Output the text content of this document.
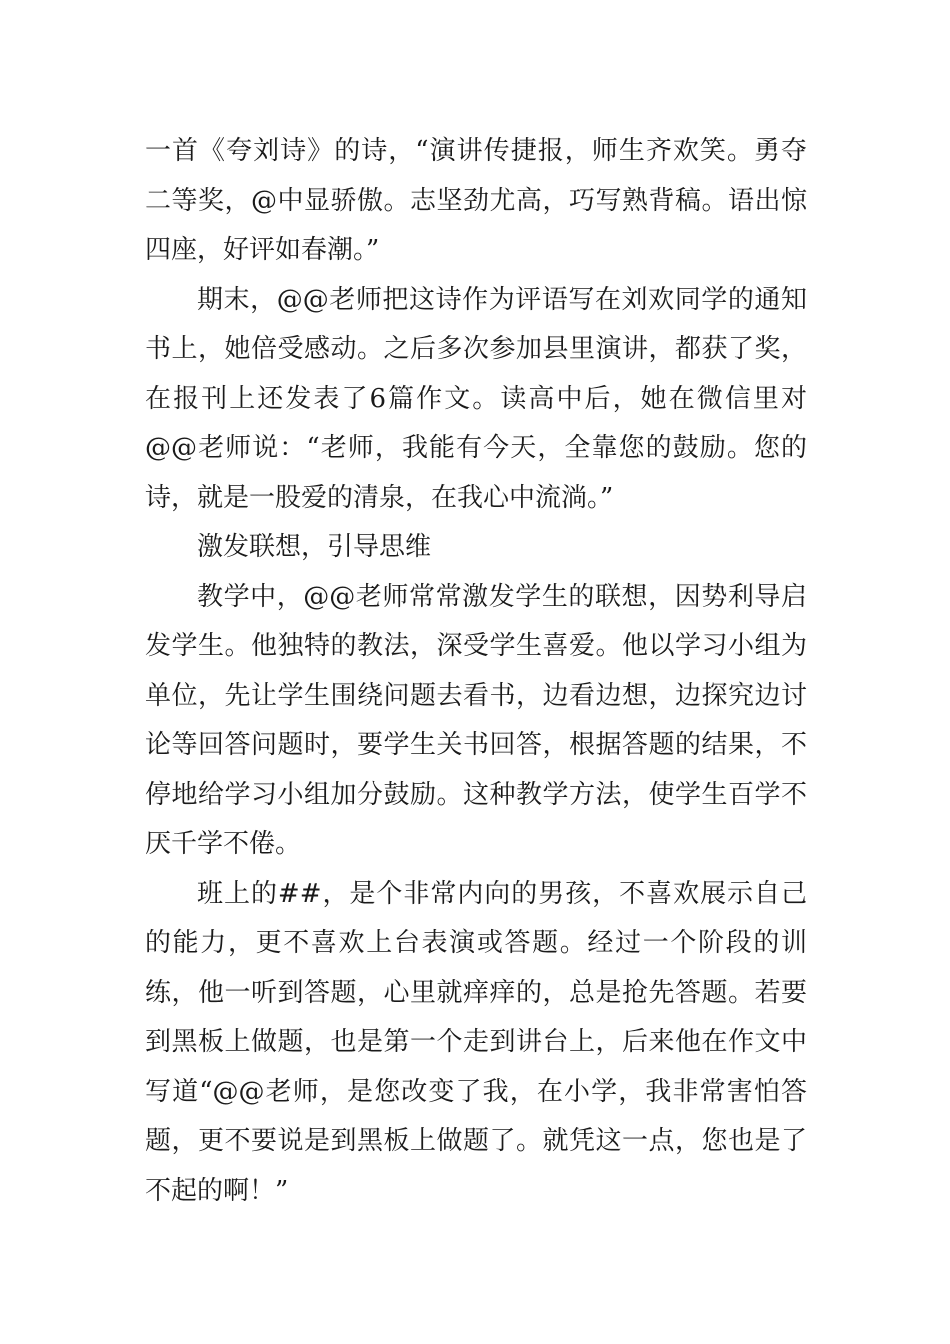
一首《夸刘诗》的诗，“演讲传捷报，师生齐欢笑。勇夺二等奖，@中显骄傲。志坚劲尤高，巧写熟背稿。语出惊四座，好评如春潮。”

期末，@@老师把这诗作为评语写在刘欢同学的通知书上，她倍受感动。之后多次参加县里演讲，都获了奖，在报刊上还发表了6篇作文。读高中后，她在微信里对@@老师说：“老师，我能有今天，全靠您的鼓励。您的诗，就是一股爱的清泉，在我心中流淌。”

激发联想，引导思维

教学中，@@老师常常激发学生的联想，因势利导启发学生。他独特的教法，深受学生喜爱。他以学习小组为单位，先让学生围绕问题去看书，边看边想，边探究边讨论等回答问题时，要学生关书回答，根据答题的结果，不停地给学习小组加分鼓励。这种教学方法，使学生百学不厌千学不倦。

班上的##，是个非常内向的男孩，不喜欢展示自己的能力，更不喜欢上台表演或答题。经过一个阶段的训练，他一听到答题，心里就痒痒的，总是抢先答题。若要到黑板上做题，也是第一个走到讲台上，后来他在作文中写道“@@老师，是您改变了我，在小学，我非常害怕答题，更不要说是到黑板上做题了。就凭这一点，您也是了不起的啊！”
